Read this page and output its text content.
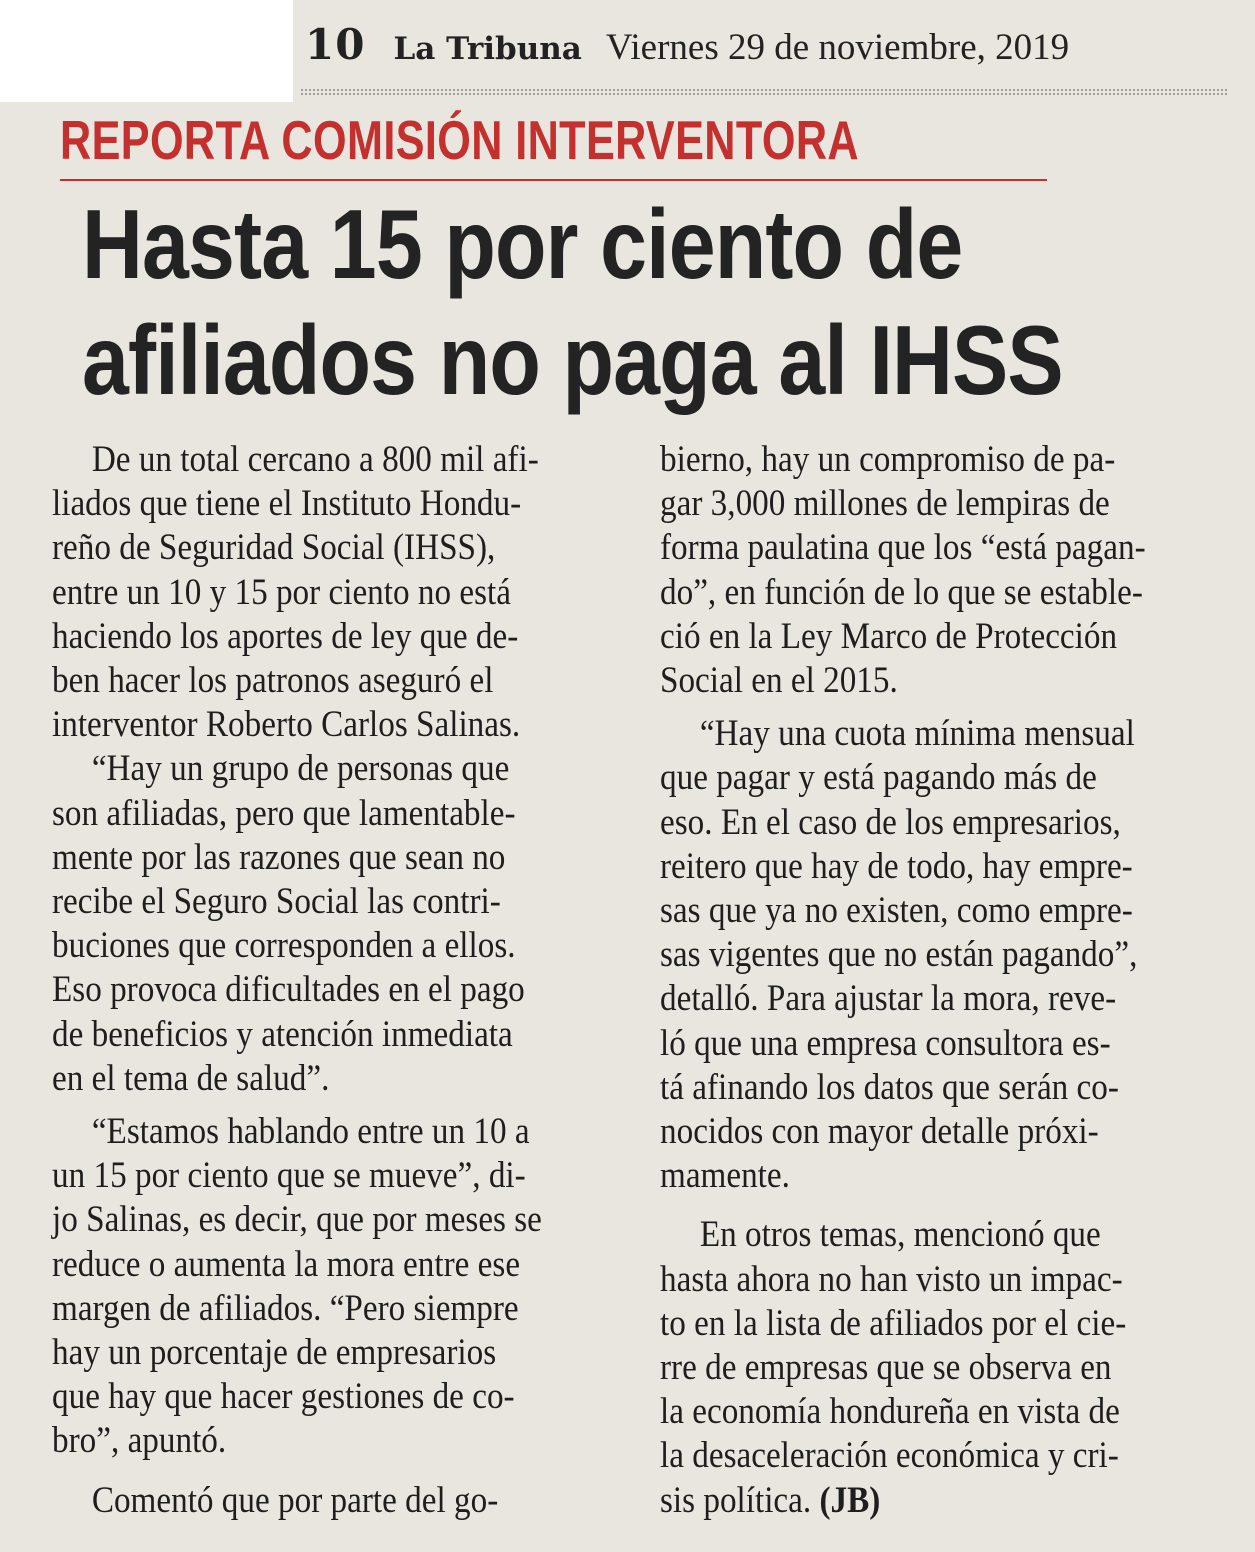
10 La Tribuna Viernes 29 de noviembre, 2019
REPORTA COMISIÓN INTERVENTORA
Hasta 15 por ciento de
afiliados no paga al IHSS
De un total cercano a 800 mil afi-
liados que tiene el Instituto Hondu-
reño de Seguridad Social (IHSS),
entre un 10 y 15 por ciento no está
haciendo los aportes de ley que de-
ben hacer los patronos aseguró el
interventor Roberto Carlos Salinas.
“Hay un grupo de personas que
son afiliadas, pero que lamentable-
mente por las razones que sean no
recibe el Seguro Social las contri-
buciones que corresponden a ellos.
Eso provoca dificultades en el pago
de beneficios y atención inmediata
en el tema de salud”.
“Estamos hablando entre un 10 a
un 15 por ciento que se mueve”, di-
jo Salinas, es decir, que por meses se
reduce o aumenta la mora entre ese
margen de afiliados. “Pero siempre
hay un porcentaje de empresarios
que hay que hacer gestiones de co-
bro”, apuntó.
Comentó que por parte del go-
bierno, hay un compromiso de pa-
gar 3,000 millones de lempiras de
forma paulatina que los “está pagan-
do”, en función de lo que se estable-
ció en la Ley Marco de Protección
Social en el 2015.
“Hay una cuota mínima mensual
que pagar y está pagando más de
eso. En el caso de los empresarios,
reitero que hay de todo, hay empre-
sas que ya no existen, como empre-
sas vigentes que no están pagando”,
detalló. Para ajustar la mora, reve-
ló que una empresa consultora es-
tá afinando los datos que serán co-
nocidos con mayor detalle próxi-
mamente.
En otros temas, mencionó que
hasta ahora no han visto un impac-
to en la lista de afiliados por el cie-
rre de empresas que se observa en
la economía hondureña en vista de
la desaceleración económica y cri-
sis política. (JB)
